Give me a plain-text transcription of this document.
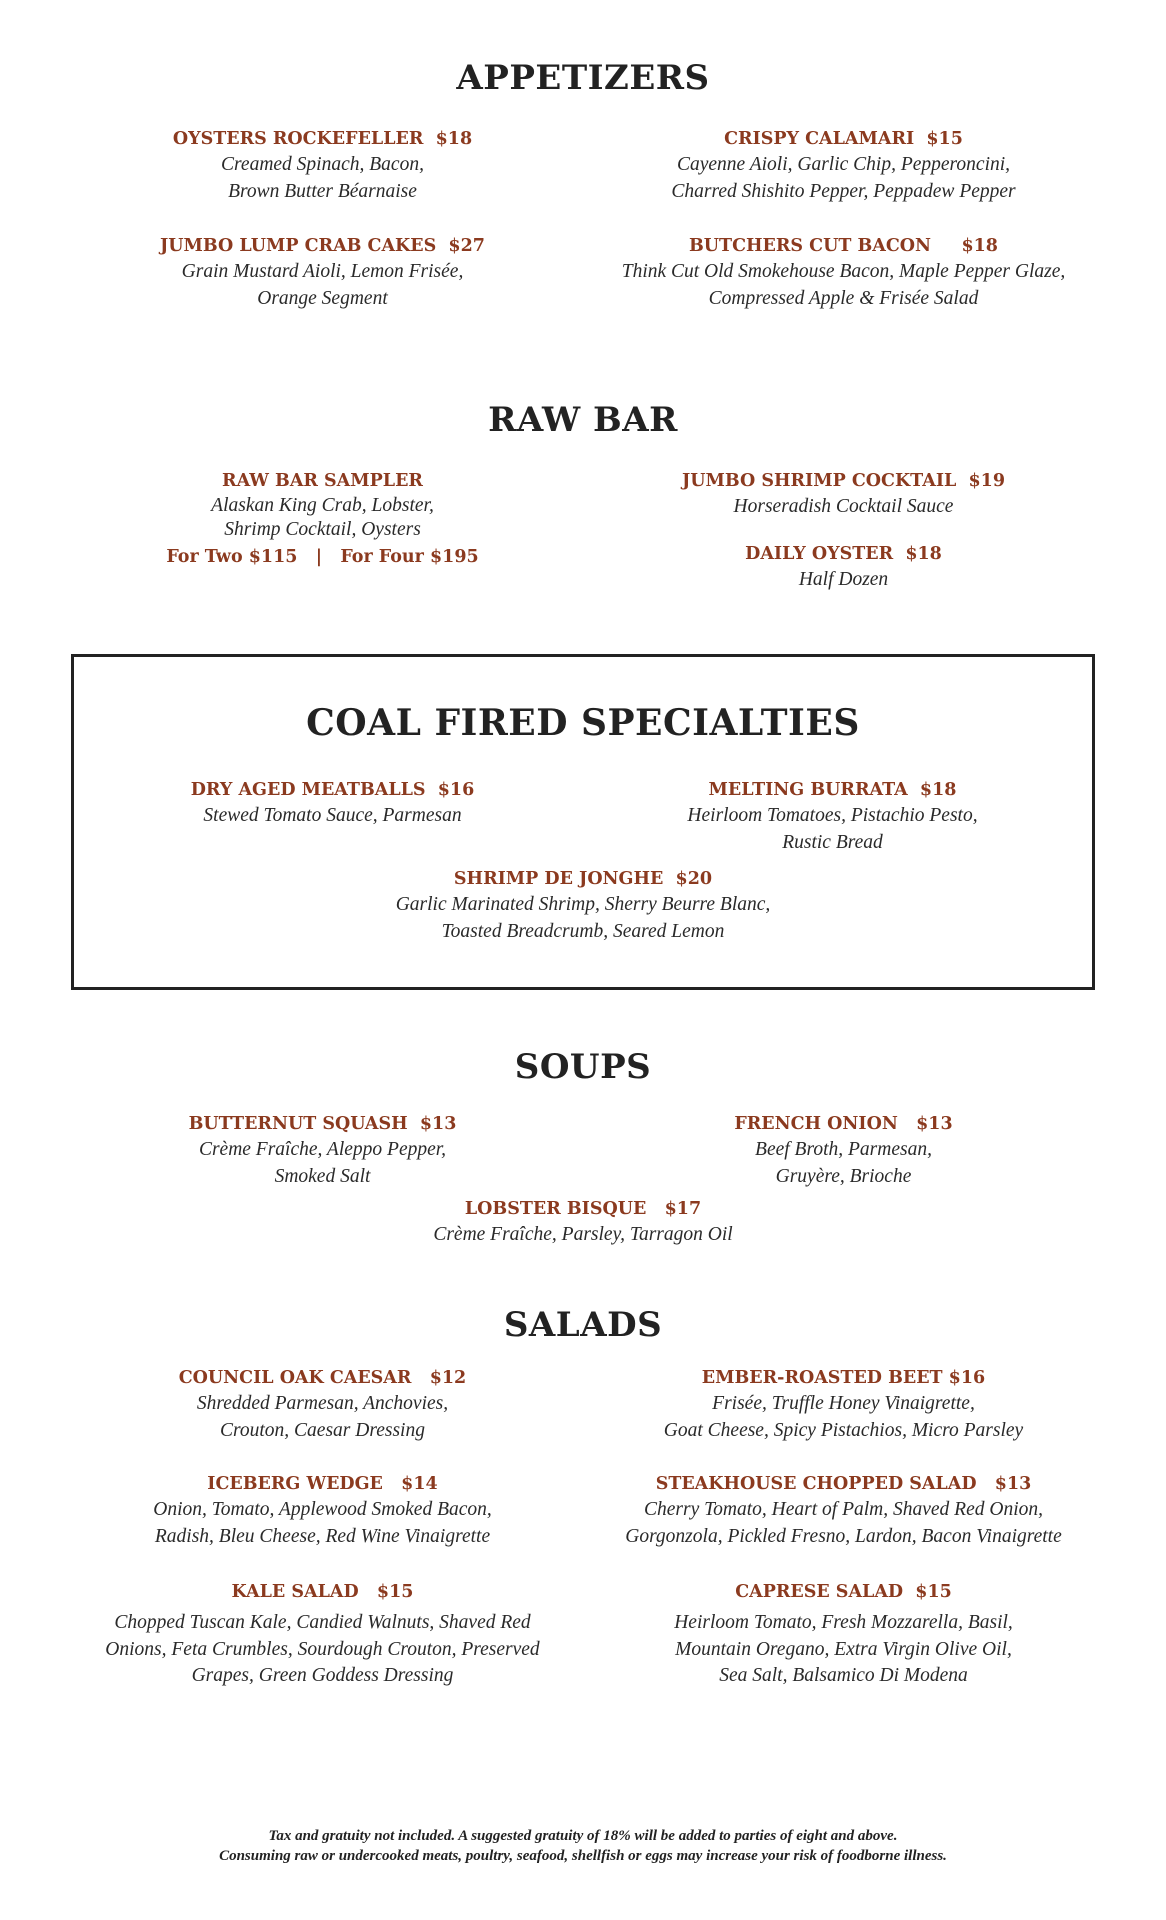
APPETIZERS
OYSTERS ROCKEFELLER  $18
Creamed Spinach, Bacon,
Brown Butter Béarnaise
CRISPY CALAMARI  $15
Cayenne Aioli, Garlic Chip, Pepperoncini,
Charred Shishito Pepper, Peppadew Pepper
JUMBO LUMP CRAB CAKES  $27
Grain Mustard Aioli, Lemon Frisée,
Orange Segment
BUTCHERS CUT BACON     $18
Think Cut Old Smokehouse Bacon, Maple Pepper Glaze,
Compressed Apple & Frisée Salad
RAW BAR
RAW BAR SAMPLER
Alaskan King Crab, Lobster,
Shrimp Cocktail, Oysters
For Two $115   |   For Four $195
JUMBO SHRIMP COCKTAIL  $19
Horseradish Cocktail Sauce
DAILY OYSTER  $18
Half Dozen
COAL FIRED SPECIALTIES
DRY AGED MEATBALLS  $16
Stewed Tomato Sauce, Parmesan
MELTING BURRATA  $18
Heirloom Tomatoes, Pistachio Pesto,
Rustic Bread
SHRIMP DE JONGHE  $20
Garlic Marinated Shrimp, Sherry Beurre Blanc,
Toasted Breadcrumb, Seared Lemon
SOUPS
BUTTERNUT SQUASH  $13
Crème Fraîche, Aleppo Pepper,
Smoked Salt
FRENCH ONION   $13
Beef Broth, Parmesan,
Gruyère, Brioche
LOBSTER BISQUE   $17
Crème Fraîche, Parsley, Tarragon Oil
SALADS
COUNCIL OAK CAESAR   $12
Shredded Parmesan, Anchovies,
Crouton, Caesar Dressing
EMBER-ROASTED BEET $16
Frisée, Truffle Honey Vinaigrette,
Goat Cheese, Spicy Pistachios, Micro Parsley
ICEBERG WEDGE   $14
Onion, Tomato, Applewood Smoked Bacon,
Radish, Bleu Cheese, Red Wine Vinaigrette
STEAKHOUSE CHOPPED SALAD   $13
Cherry Tomato, Heart of Palm, Shaved Red Onion,
Gorgonzola, Pickled Fresno, Lardon, Bacon Vinaigrette
KALE SALAD   $15
Chopped Tuscan Kale, Candied Walnuts, Shaved Red
Onions, Feta Crumbles, Sourdough Crouton, Preserved
Grapes, Green Goddess Dressing
CAPRESE SALAD  $15
Heirloom Tomato, Fresh Mozzarella, Basil,
Mountain Oregano, Extra Virgin Olive Oil,
Sea Salt, Balsamico Di Modena
Tax and gratuity not included. A suggested gratuity of 18% will be added to parties of eight and above.
Consuming raw or undercooked meats, poultry, seafood, shellfish or eggs may increase your risk of foodborne illness.
